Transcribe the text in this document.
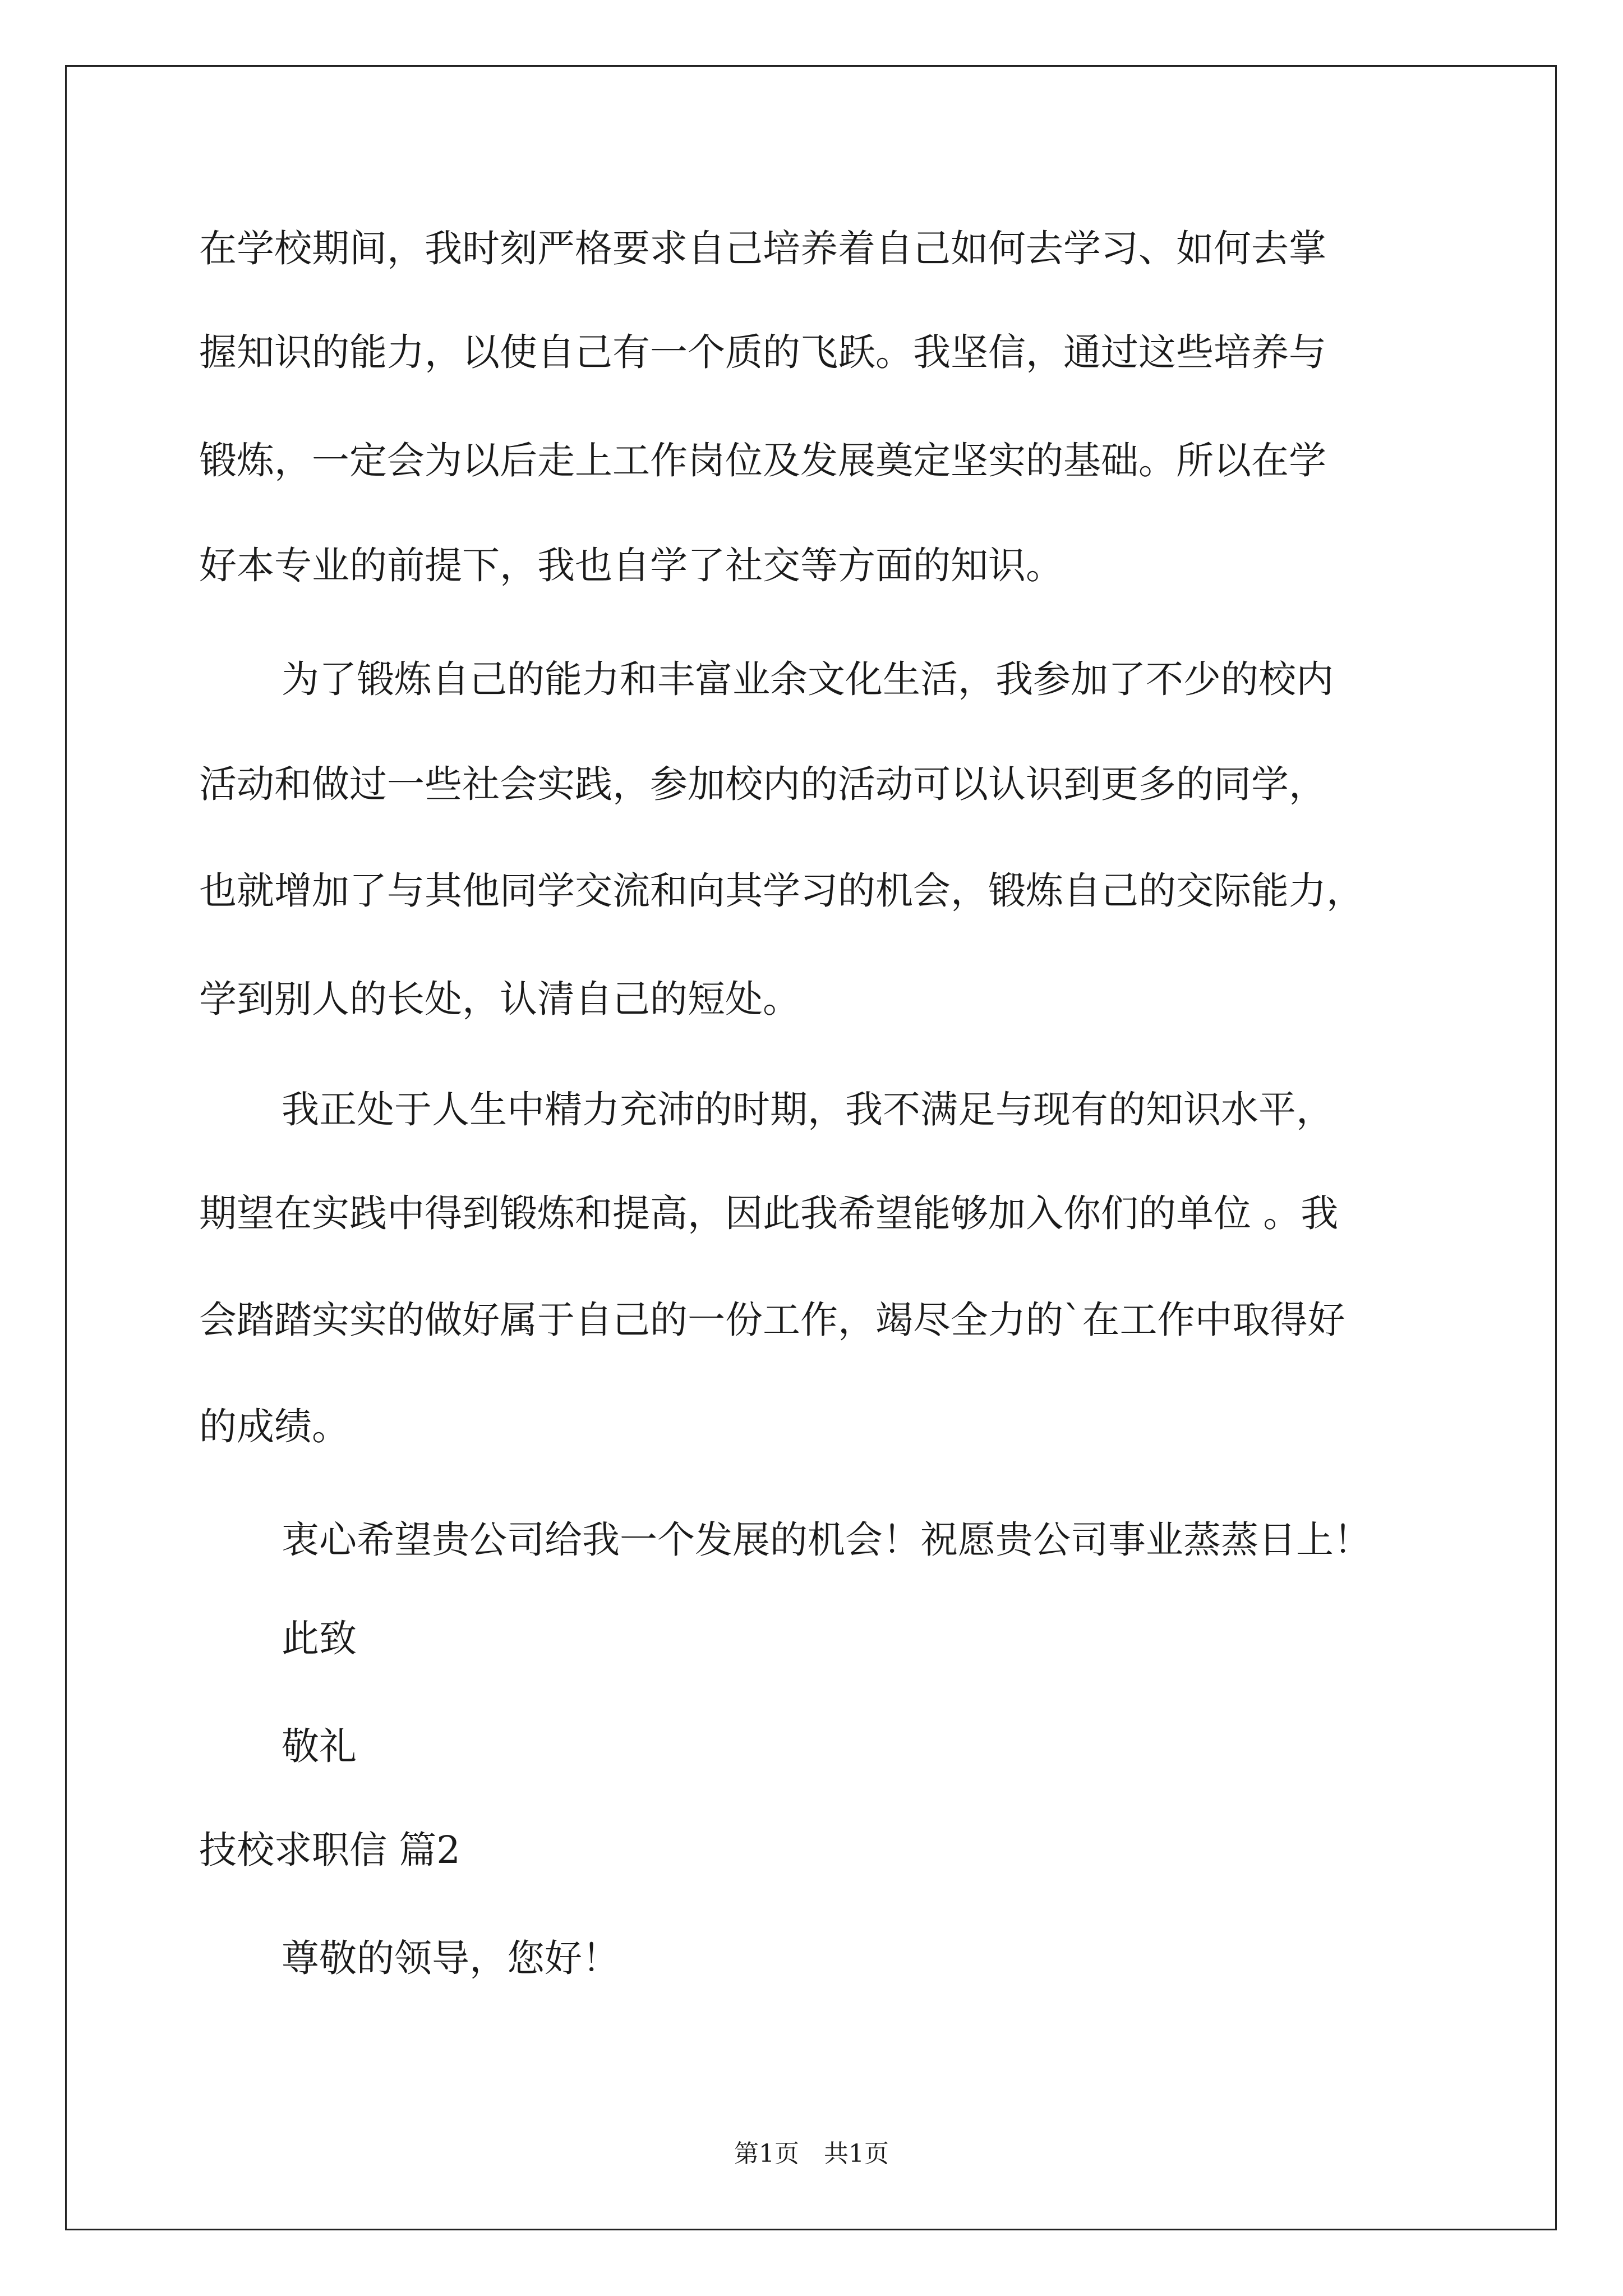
在学校期间，我时刻严格要求自己培养着自己如何去学习、如何去掌
握知识的能力，以使自己有一个质的飞跃。我坚信，通过这些培养与
锻炼，一定会为以后走上工作岗位及发展奠定坚实的基础。所以在学
好本专业的前提下，我也自学了社交等方面的知识。
为了锻炼自己的能力和丰富业余文化生活，我参加了不少的校内
活动和做过一些社会实践，参加校内的活动可以认识到更多的同学，
也就增加了与其他同学交流和向其学习的机会，锻炼自己的交际能力，
学到别人的长处，认清自己的短处。
我正处于人生中精力充沛的时期，我不满足与现有的知识水平，
期望在实践中得到锻炼和提高，因此我希望能够加入你们的单位 。我
会踏踏实实的做好属于自己的一份工作，竭尽全力的`在工作中取得好
的成绩。
衷心希望贵公司给我一个发展的机会！祝愿贵公司事业蒸蒸日上！
此致
敬礼
技校求职信 篇2
尊敬的领导，您好！
第1页　共1页
